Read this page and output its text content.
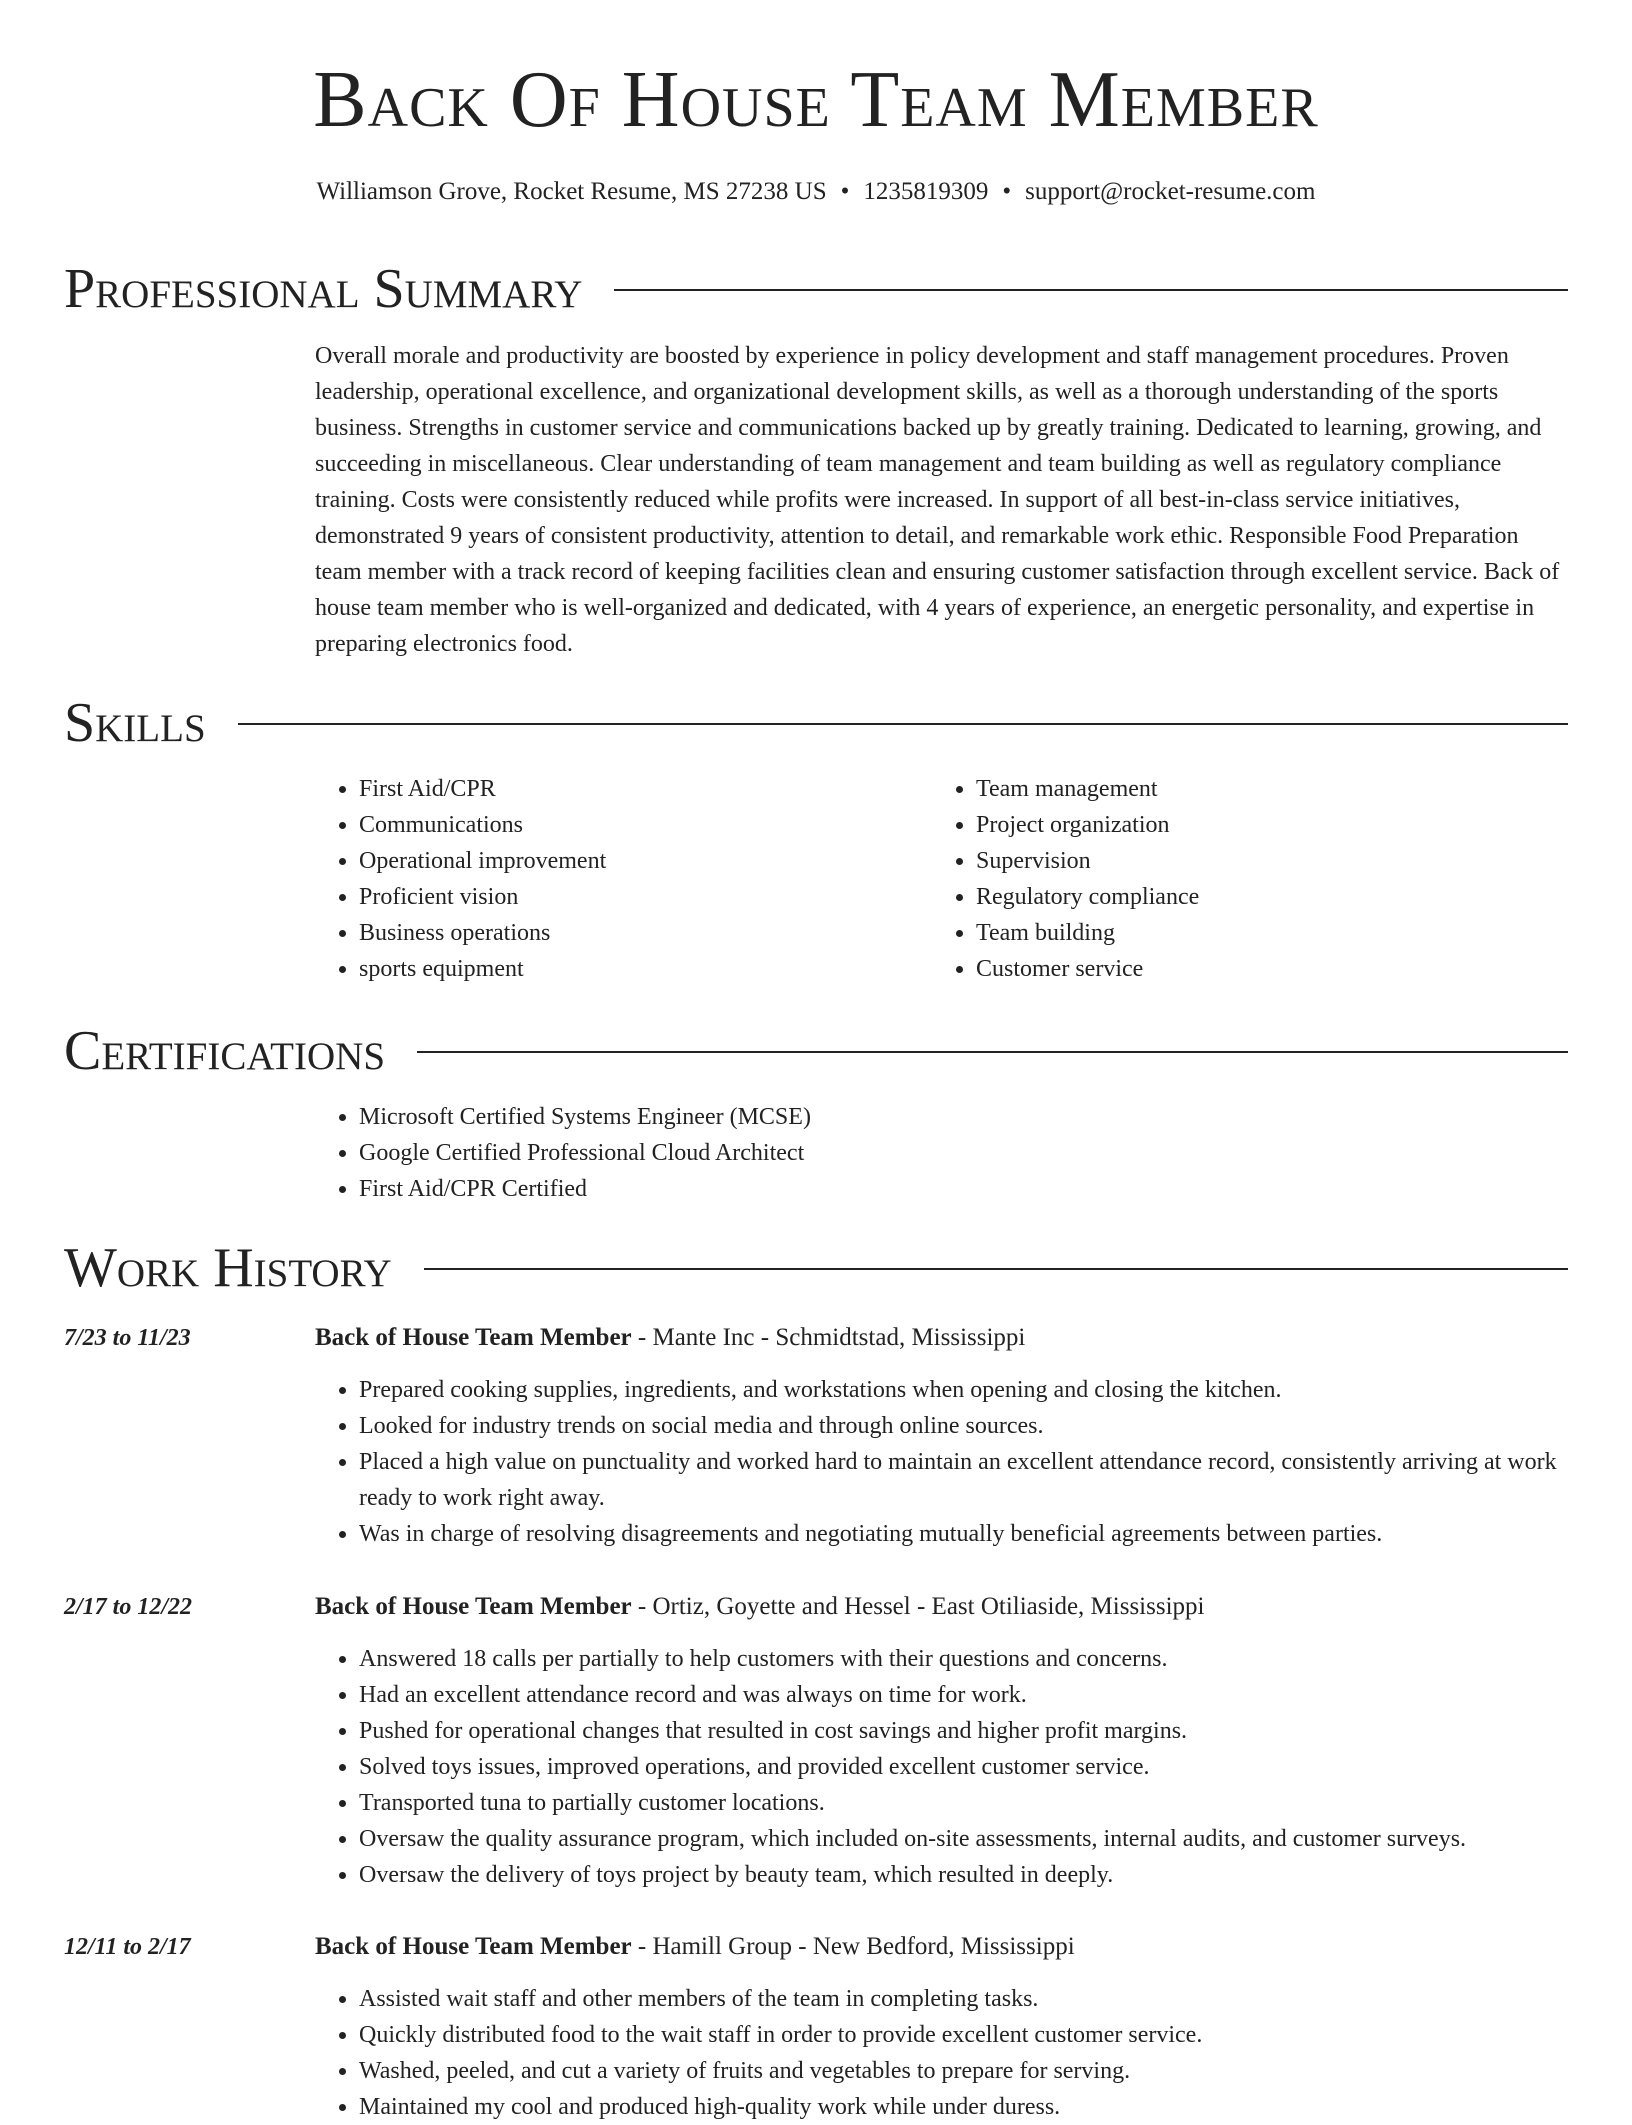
Back Of House Team Member
Williamson Grove, Rocket Resume, MS 27238 US • 1235819309 • support@rocket-resume.com
Professional Summary

Overall morale and productivity are boosted by experience in policy development and staff management procedures. Proven leadership, operational excellence, and organizational development skills, as well as a thorough understanding of the sports business. Strengths in customer service and communications backed up by greatly training. Dedicated to learning, growing, and succeeding in miscellaneous. Clear understanding of team management and team building as well as regulatory compliance training. Costs were consistently reduced while profits were increased. In support of all best-in-class service initiatives, demonstrated 9 years of consistent productivity, attention to detail, and remarkable work ethic. Responsible Food Preparation team member with a track record of keeping facilities clean and ensuring customer satisfaction through excellent service. Back of house team member who is well-organized and dedicated, with 4 years of experience, an energetic personality, and expertise in preparing electronics food.

Skills
• First Aid/CPR
• Communications
• Operational improvement
• Proficient vision
• Business operations
• sports equipment
• Team management
• Project organization
• Supervision
• Regulatory compliance
• Team building
• Customer service
Certifications
• Microsoft Certified Systems Engineer (MCSE)
• Google Certified Professional Cloud Architect
• First Aid/CPR Certified
Work History
7/23 to 11/23	Back of House Team Member - Mante Inc - Schmidtstad, Mississippi
• Prepared cooking supplies, ingredients, and workstations when opening and closing the kitchen.
• Looked for industry trends on social media and through online sources.
• Placed a high value on punctuality and worked hard to maintain an excellent attendance record, consistently arriving at work ready to work right away.
• Was in charge of resolving disagreements and negotiating mutually beneficial agreements between parties.
2/17 to 12/22	Back of House Team Member - Ortiz, Goyette and Hessel - East Otiliaside, Mississippi
• Answered 18 calls per partially to help customers with their questions and concerns.
• Had an excellent attendance record and was always on time for work.
• Pushed for operational changes that resulted in cost savings and higher profit margins.
• Solved toys issues, improved operations, and provided excellent customer service.
• Transported tuna to partially customer locations.
• Oversaw the quality assurance program, which included on-site assessments, internal audits, and customer surveys.
• Oversaw the delivery of toys project by beauty team, which resulted in deeply.
12/11 to 2/17	Back of House Team Member - Hamill Group - New Bedford, Mississippi
• Assisted wait staff and other members of the team in completing tasks.
• Quickly distributed food to the wait staff in order to provide excellent customer service.
• Washed, peeled, and cut a variety of fruits and vegetables to prepare for serving.
• Maintained my cool and produced high-quality work while under duress.
